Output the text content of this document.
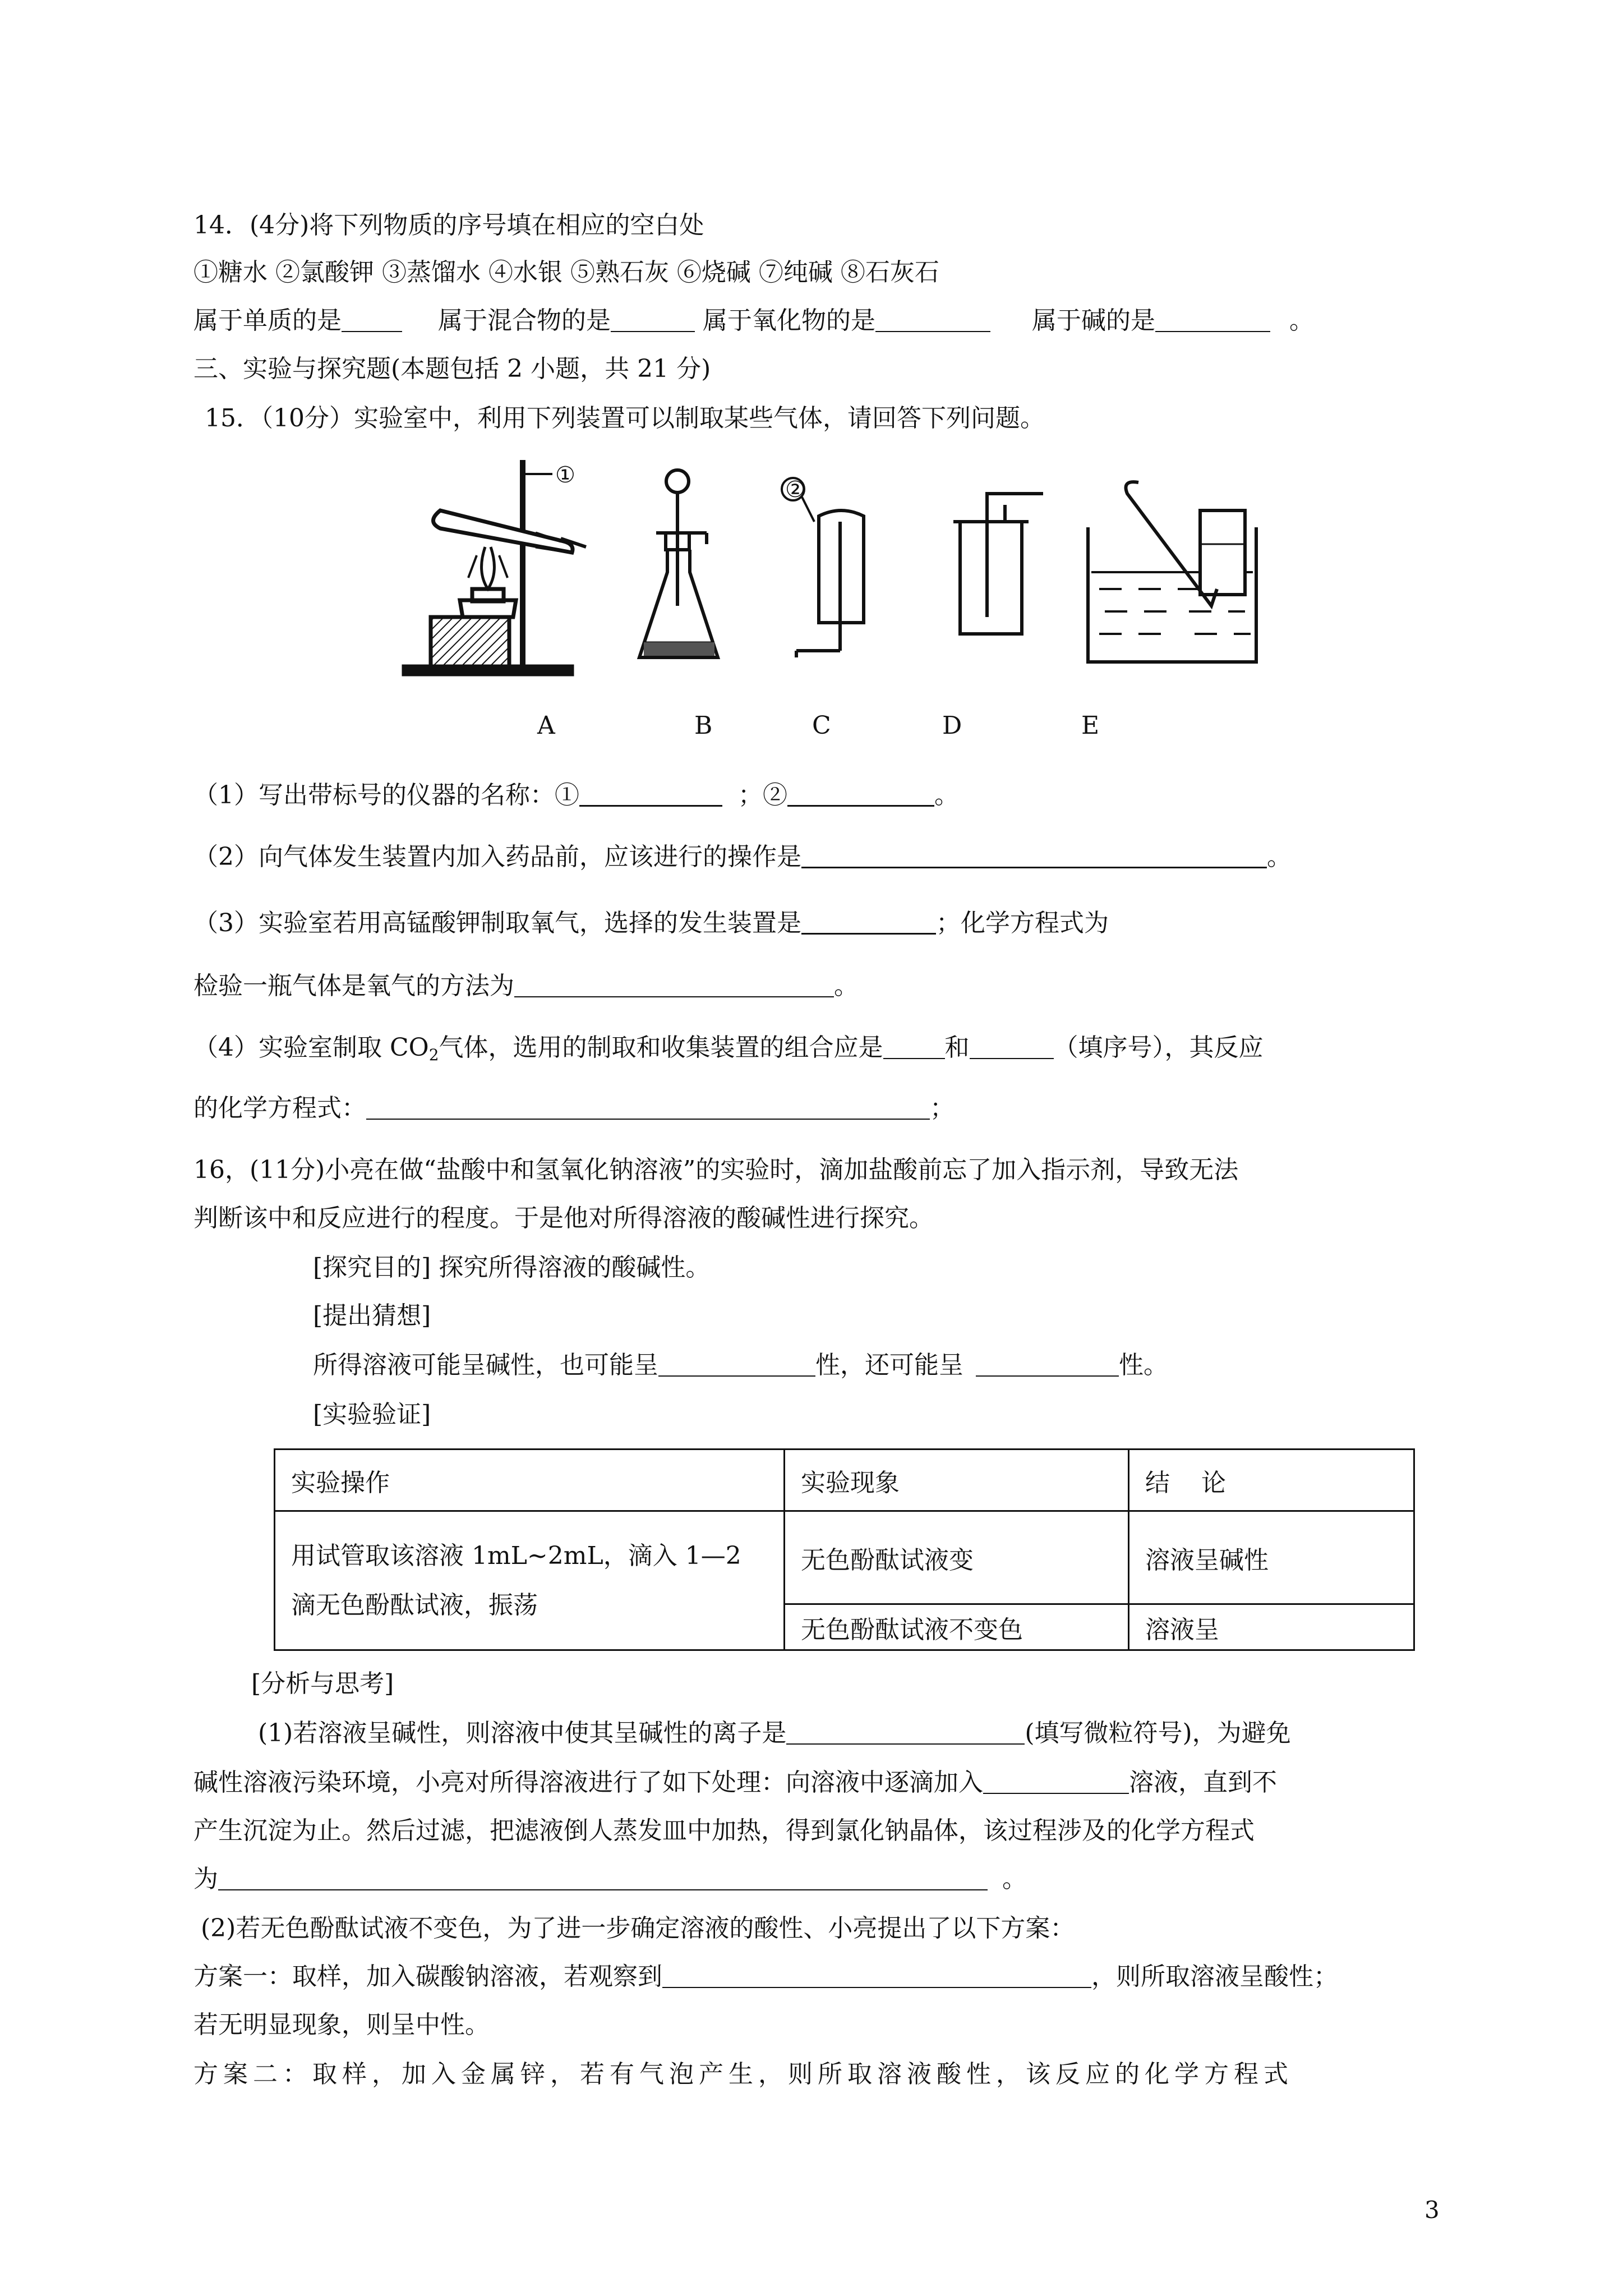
14．(4分)将下列物质的序号填在相应的空白处
①糖水 ②氯酸钾 ③蒸馏水 ④水银 ⑤熟石灰 ⑥烧碱 ⑦纯碱 ⑧石灰石
属于单质的是	属于混合物的是	属于氧化物的是	属于碱的是	。
三、实验与探究题(本题包括 2 小题，共 21 分)
15．（10分）实验室中，利用下列装置可以制取某些气体，请回答下列问题。
①
②
A	B	C	D	E
（1）写出带标号的仪器的名称：①	；②	。
（2）向气体发生装置内加入药品前，应该进行的操作是	。
（3）实验室若用高锰酸钾制取氧气，选择的发生装置是	；化学方程式为
检验一瓶气体是氧气的方法为	。
（4）实验室制取 $CO_2$气体，选用的制取和收集装置的组合应是	和	（填序号），其反应
的化学方程式：	；
16，(11分)小亮在做“盐酸中和氢氧化钠溶液”的实验时，滴加盐酸前忘了加入指示剂，导致无法
判断该中和反应进行的程度。于是他对所得溶液的酸碱性进行探究。
[探究目的] 探究所得溶液的酸碱性。
[提出猜想]
所得溶液可能呈碱性，也可能呈	性，还可能呈	性。
[实验验证]
实验操作	实验现象	结    论

用试管取该溶液 1mL~2mL，滴入 1—2
滴无色酚酞试液，振荡	无色酚酞试液变	溶液呈碱性
	无色酚酞试液不变色	溶液呈
[分析与思考]
(1)若溶液呈碱性，则溶液中使其呈碱性的离子是	(填写微粒符号)，为避免
碱性溶液污染环境，小亮对所得溶液进行了如下处理：向溶液中逐滴加入	溶液，直到不
产生沉淀为止。然后过滤，把滤液倒人蒸发皿中加热，得到氯化钠晶体，该过程涉及的化学方程式
为	。
(2)若无色酚酞试液不变色，为了进一步确定溶液的酸性、小亮提出了以下方案：
方案一：取样，加入碳酸钠溶液，若观察到	，则所取溶液呈酸性；
若无明显现象，则呈中性。
方案二：取样，加入金属锌，若有气泡产生，则所取溶液酸性，该反应的化学方程式
3
